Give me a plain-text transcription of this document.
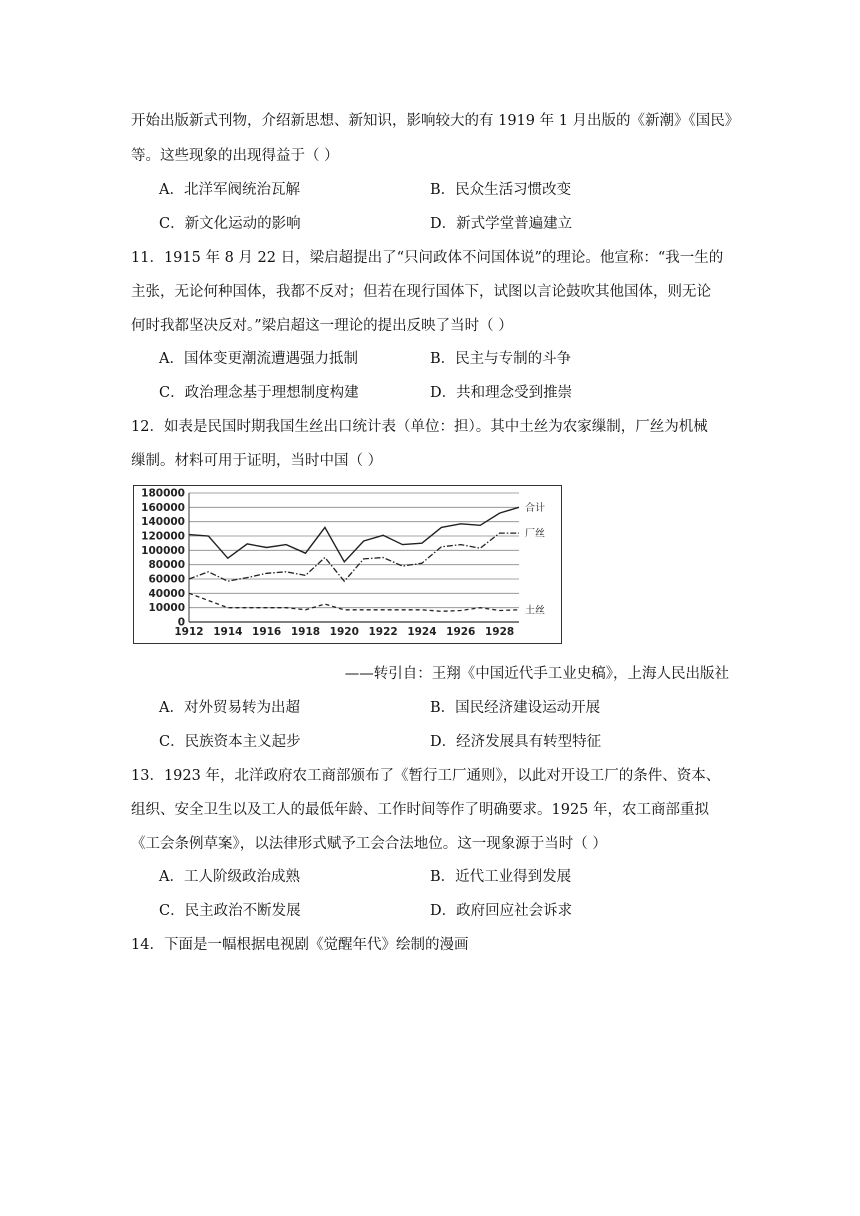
开始出版新式刊物，介绍新思想、新知识，影响较大的有 1919 年 1 月出版的《新潮》《国民》
等。这些现象的出现得益于（ ）
A．北洋军阀统治瓦解	B．民众生活习惯改变
C．新文化运动的影响	D．新式学堂普遍建立
11．1915 年 8 月 22 日，梁启超提出了“只问政体不问国体说”的理论。他宣称：“我一生的
主张，无论何种国体，我都不反对；但若在现行国体下，试图以言论鼓吹其他国体，则无论
何时我都坚决反对。”梁启超这一理论的提出反映了当时（ ）
A．国体变更潮流遭遇强力抵制	B．民主与专制的斗争
C．政治理念基于理想制度构建	D．共和理念受到推崇
12．如表是民国时期我国生丝出口统计表（单位：担）。其中土丝为农家缫制，厂丝为机械
缫制。材料可用于证明，当时中国（ ）
180000
160000
140000
120000
100000
80000
60000
40000
10000
0
1912 1914 1916 1918 1920 1922 1924 1926 1928
合计
厂丝
土丝
——转引自：王翔《中国近代手工业史稿》，上海人民出版社
A．对外贸易转为出超	B．国民经济建设运动开展
C．民族资本主义起步	D．经济发展具有转型特征
13．1923 年，北洋政府农工商部颁布了《暂行工厂通则》，以此对开设工厂的条件、资本、
组织、安全卫生以及工人的最低年龄、工作时间等作了明确要求。1925 年，农工商部重拟
《工会条例草案》，以法律形式赋予工会合法地位。这一现象源于当时（ ）
A．工人阶级政治成熟	B．近代工业得到发展
C．民主政治不断发展	D．政府回应社会诉求
14．下面是一幅根据电视剧《觉醒年代》绘制的漫画
